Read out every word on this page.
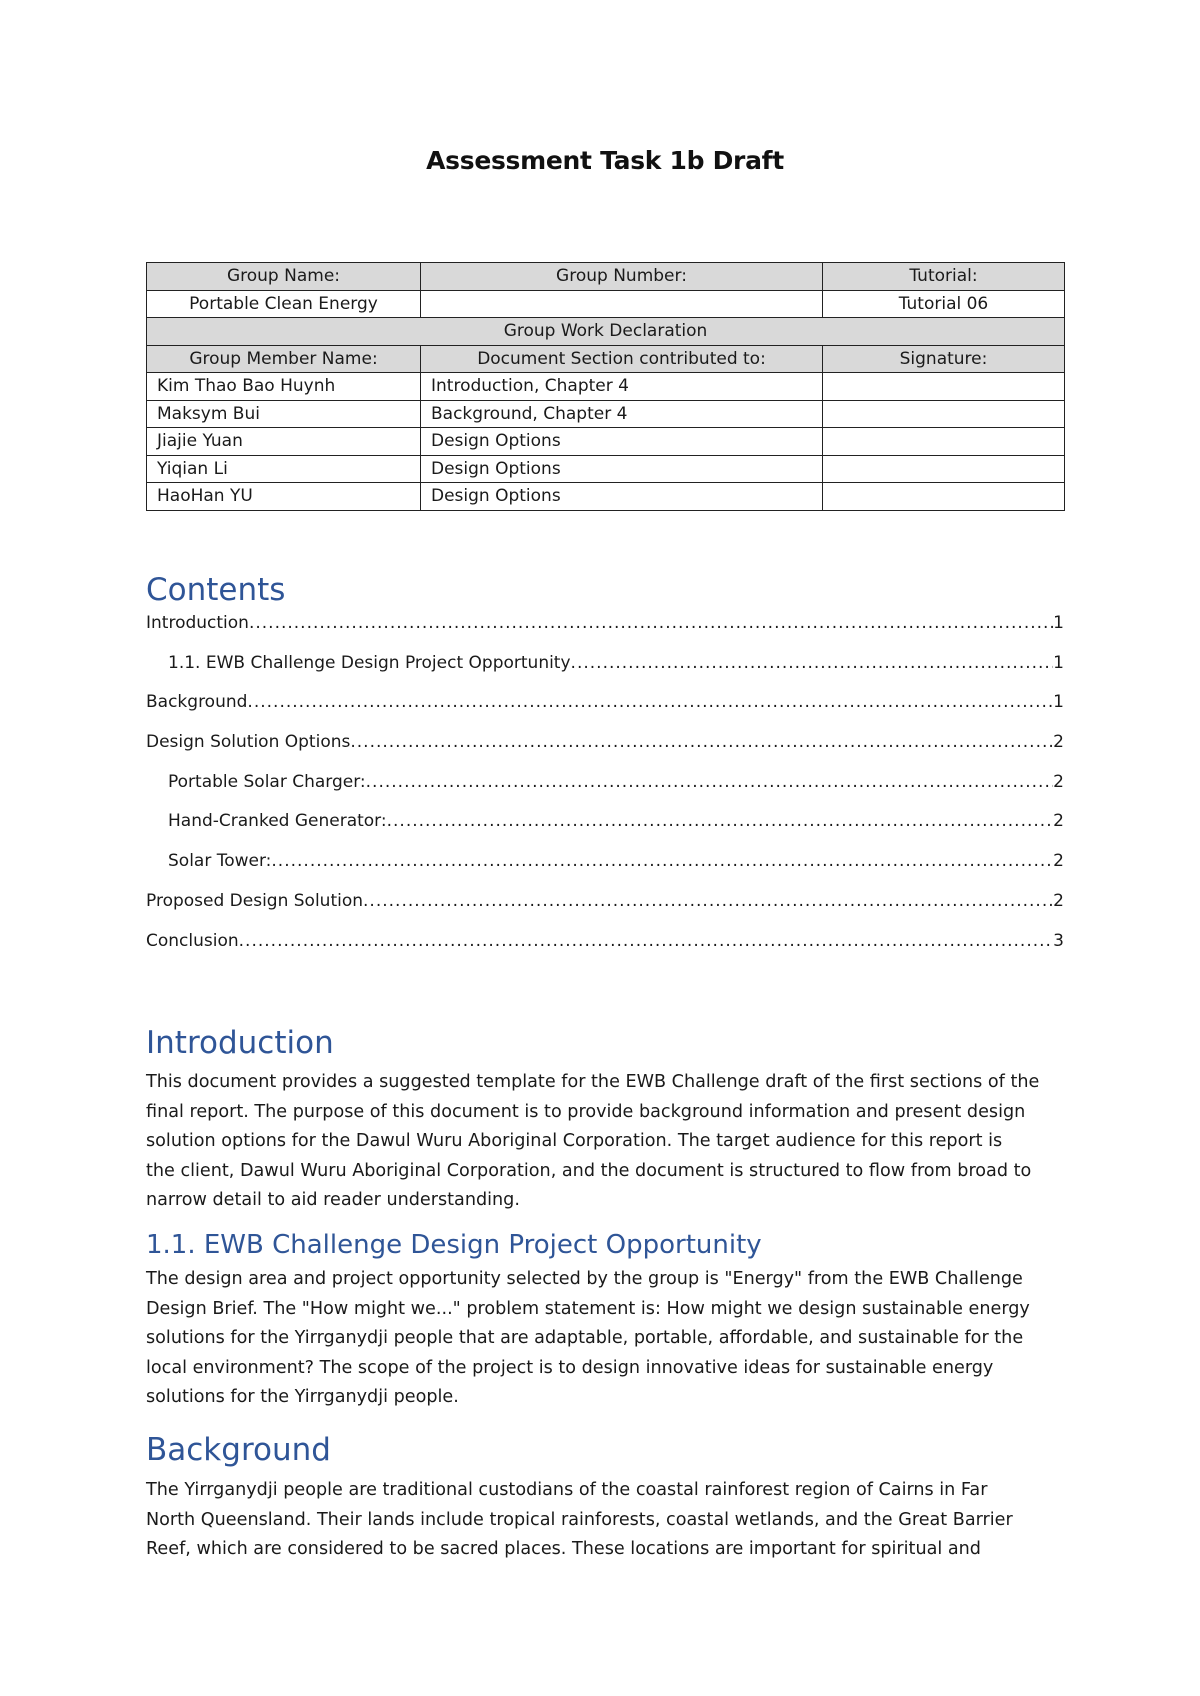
Assessment Task 1b Draft
Group Name:	Group Number:	Tutorial:
Portable Clean Energy		Tutorial 06
Group Work Declaration		
Group Member Name:	Document Section contributed to:	Signature:
Kim Thao Bao Huynh	Introduction, Chapter 4	
Maksym Bui	Background, Chapter 4	
Jiajie Yuan	Design Options	
Yiqian Li	Design Options	
HaoHan YU	Design Options	
Contents
Introduction .....	1
1.1. EWB Challenge Design Project Opportunity .....	1
Background .....	1
Design Solution Options .....	2
Portable Solar Charger: .....	2
Hand-Cranked Generator: .....	2
Solar Tower: .....	2
Proposed Design Solution .....	2
Conclusion .....	3
Introduction
This document provides a suggested template for the EWB Challenge draft of the first sections of the
final report. The purpose of this document is to provide background information and present design
solution options for the Dawul Wuru Aboriginal Corporation. The target audience for this report is
the client, Dawul Wuru Aboriginal Corporation, and the document is structured to flow from broad to
narrow detail to aid reader understanding.
1.1. EWB Challenge Design Project Opportunity
The design area and project opportunity selected by the group is "Energy" from the EWB Challenge
Design Brief. The "How might we..." problem statement is: How might we design sustainable energy
solutions for the Yirrganydji people that are adaptable, portable, affordable, and sustainable for the
local environment? The scope of the project is to design innovative ideas for sustainable energy
solutions for the Yirrganydji people.
Background
The Yirrganydji people are traditional custodians of the coastal rainforest region of Cairns in Far
North Queensland. Their lands include tropical rainforests, coastal wetlands, and the Great Barrier
Reef, which are considered to be sacred places. These locations are important for spiritual and
